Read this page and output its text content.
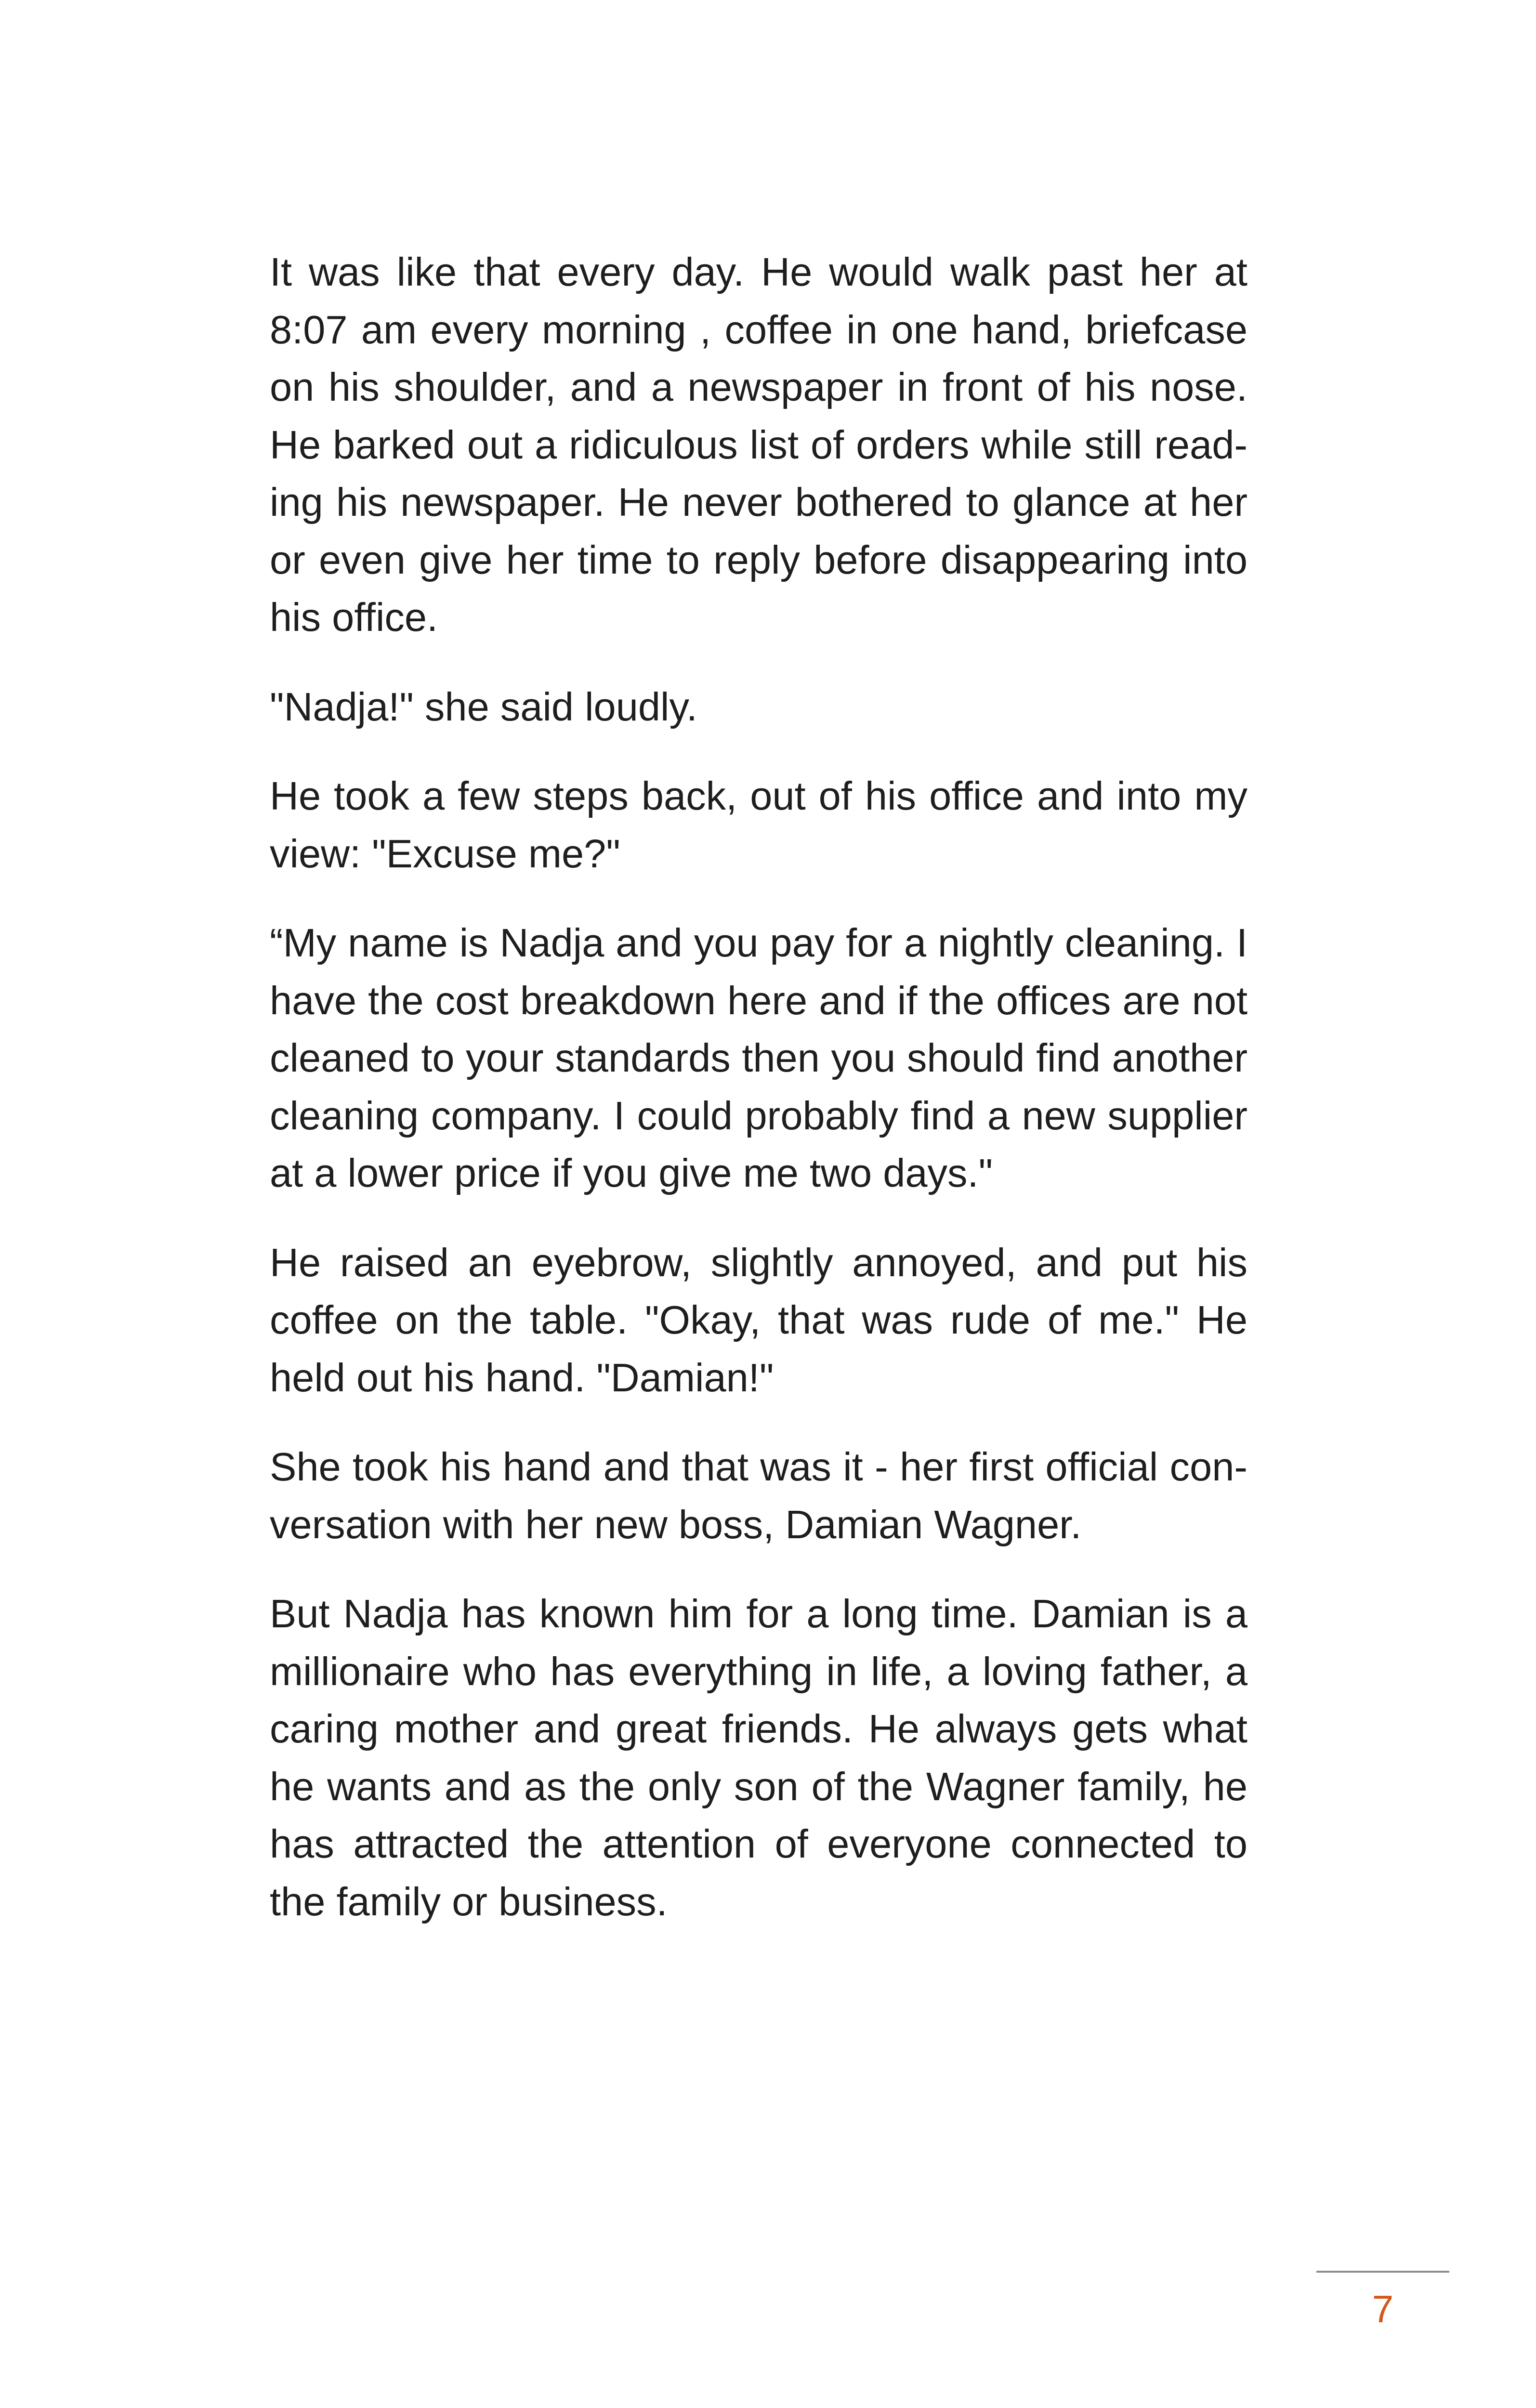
It was like that every day. He would walk past her at 8:07 am every morning , coffee in one hand, briefcase on his shoulder, and a newspaper in front of his nose. He barked out a ridiculous list of orders while still reading his newspaper. He never bothered to glance at her or even give her time to reply before disappearing into his office.

"Nadja!" she said loudly.

He took a few steps back, out of his office and into my view: "Excuse me?"

“My name is Nadja and you pay for a nightly cleaning. I have the cost breakdown here and if the offices are not cleaned to your standards then you should find another cleaning company. I could probably find a new supplier at a lower price if you give me two days."

He raised an eyebrow, slightly annoyed, and put his coffee on the table. "Okay, that was rude of me." He held out his hand. "Damian!"

She took his hand and that was it - her first official conversation with her new boss, Damian Wagner.

But Nadja has known him for a long time. Damian is a millionaire who has everything in life, a loving father, a caring mother and great friends. He always gets what he wants and as the only son of the Wagner family, he has attracted the attention of everyone connected to the family or business.

7
